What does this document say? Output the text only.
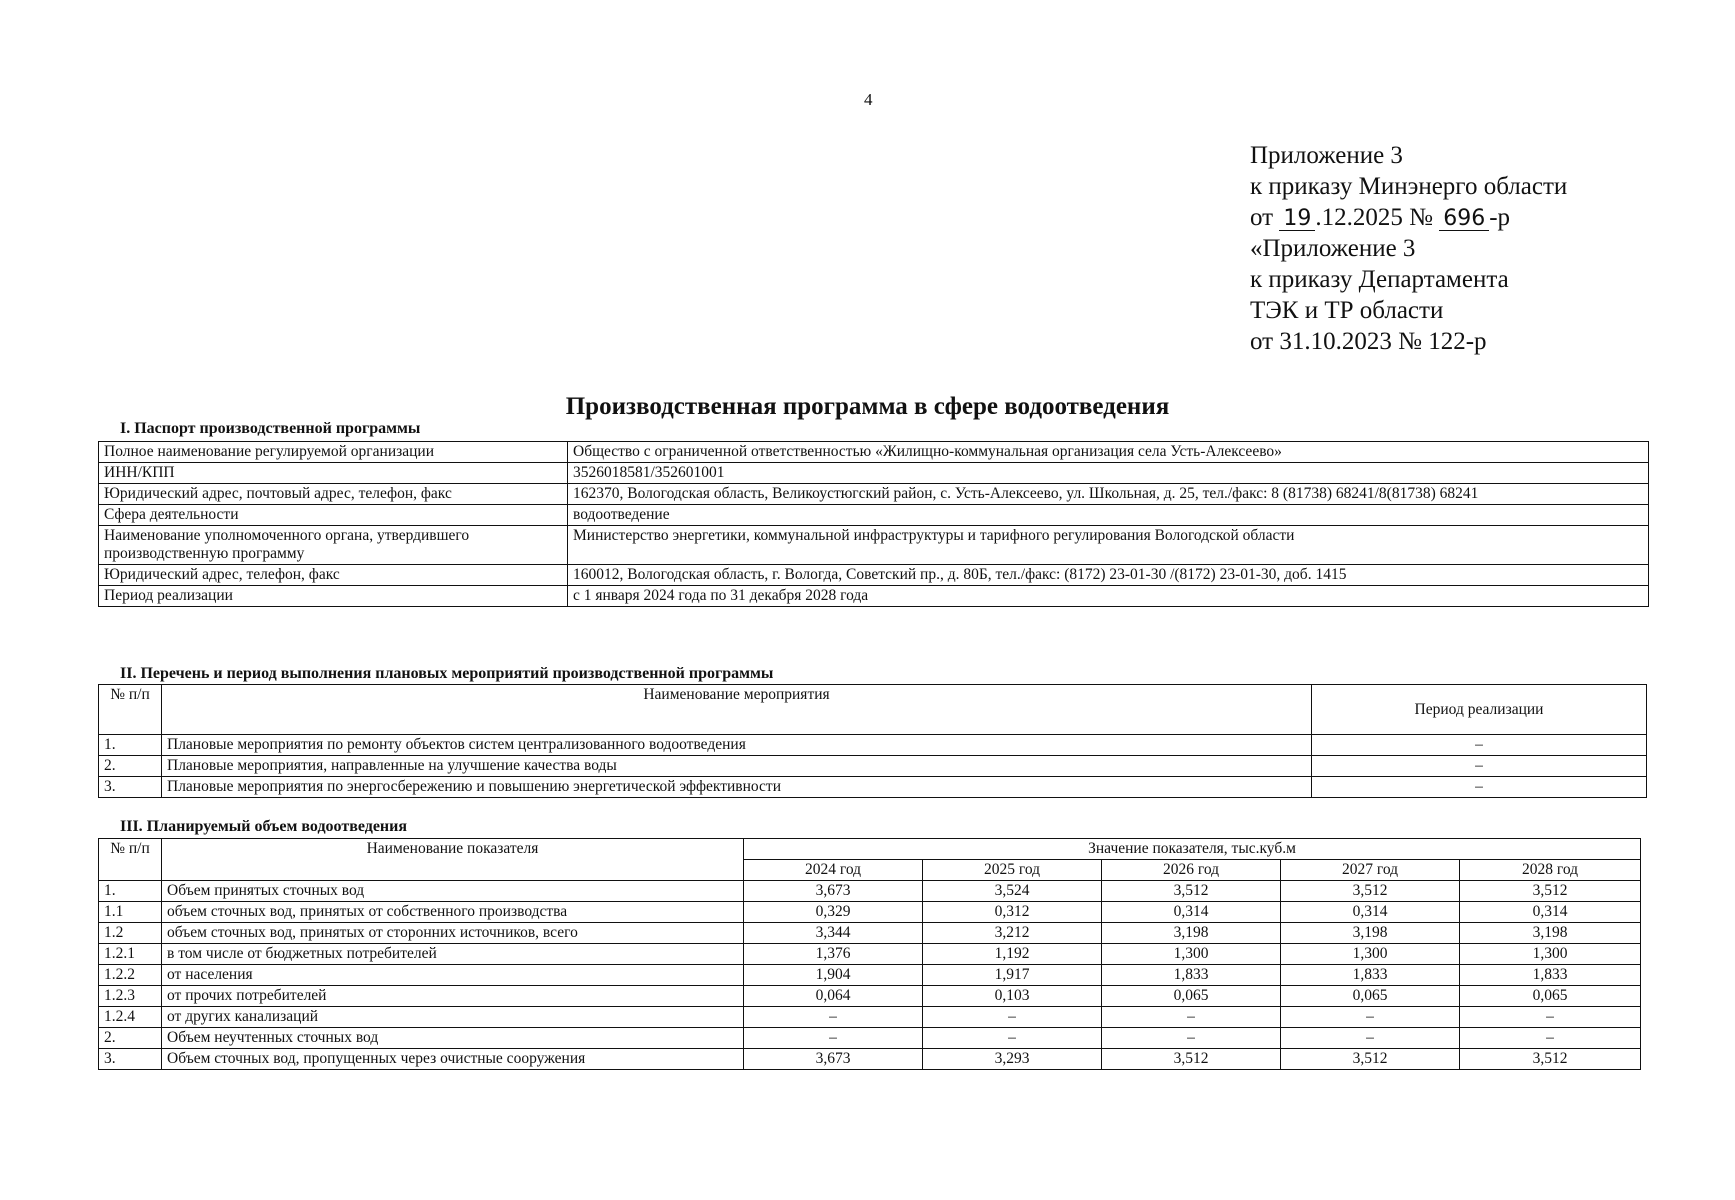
4
Приложение 3
к приказу Минэнерго области
от 19 .12.2025 № 696 -р
«Приложение 3
к приказу Департамента
ТЭК и ТР области
от 31.10.2023 № 122-р
Производственная программа в сфере водоотведения
I. Паспорт производственной программы
Полное наименование регулируемой организации	Общество с ограниченной ответственностью «Жилищно-коммунальная организация села Усть-Алексеево»
ИНН/КПП	3526018581/352601001
Юридический адрес, почтовый адрес, телефон, факс	162370, Вологодская область, Великоустюгский район, с. Усть-Алексеево, ул. Школьная, д. 25, тел./факс: 8 (81738) 68241/8(81738) 68241
Сфера деятельности	водоотведение
Наименование уполномоченного органа, утвердившего производственную программу	Министерство энергетики, коммунальной инфраструктуры и тарифного регулирования Вологодской области
Юридический адрес, телефон, факс	160012, Вологодская область, г. Вологда, Советский пр., д. 80Б, тел./факс: (8172) 23-01-30 /(8172) 23-01-30, доб. 1415
Период реализации	с 1 января 2024 года по 31 декабря 2028 года
II. Перечень и период выполнения плановых мероприятий производственной программы
№ п/п	Наименование мероприятия	Период реализации
1.	Плановые мероприятия по ремонту объектов систем централизованного водоотведения	–
2.	Плановые мероприятия, направленные на улучшение качества воды	–
3.	Плановые мероприятия по энергосбережению и повышению энергетической эффективности	–
III. Планируемый объем водоотведения
№ п/п	Наименование показателя	Значение показателя, тыс.куб.м				
		2024 год	2025 год	2026 год	2027 год	2028 год
1.	Объем принятых сточных вод	3,673	3,524	3,512	3,512	3,512
1.1	объем сточных вод, принятых от собственного производства	0,329	0,312	0,314	0,314	0,314
1.2	объем сточных вод, принятых от сторонних источников, всего	3,344	3,212	3,198	3,198	3,198
1.2.1	в том числе от бюджетных потребителей	1,376	1,192	1,300	1,300	1,300
1.2.2	от населения	1,904	1,917	1,833	1,833	1,833
1.2.3	от прочих потребителей	0,064	0,103	0,065	0,065	0,065
1.2.4	от других канализаций	–	–	–	–	–
2.	Объем неучтенных сточных вод	–	–	–	–	–
3.	Объем сточных вод, пропущенных через очистные сооружения	3,673	3,293	3,512	3,512	3,512
